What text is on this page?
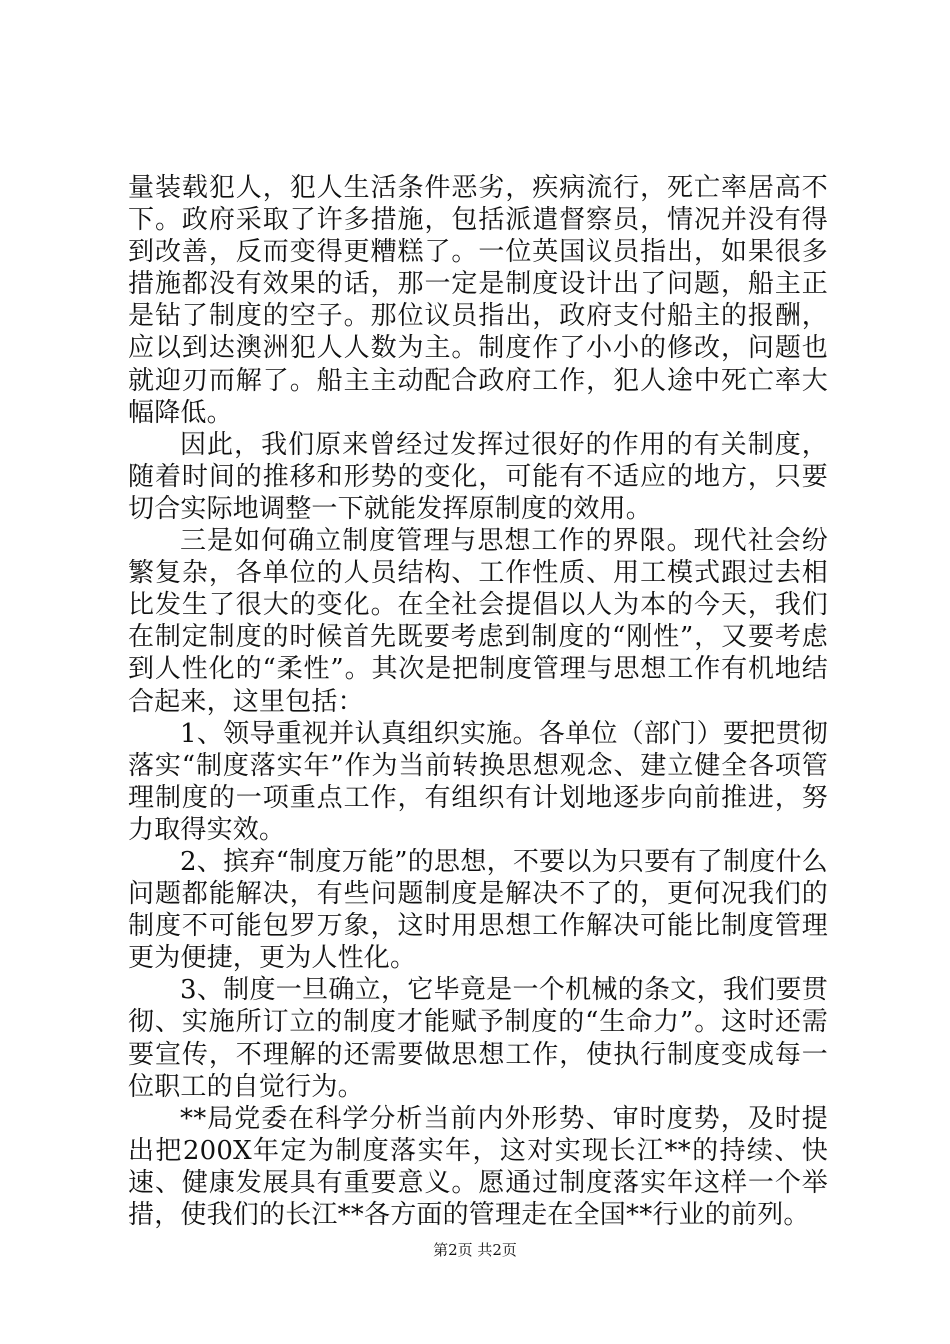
量装载犯人，犯人生活条件恶劣，疾病流行，死亡率居高不下。政府采取了许多措施，包括派遣督察员，情况并没有得到改善，反而变得更糟糕了。一位英国议员指出，如果很多措施都没有效果的话，那一定是制度设计出了问题，船主正是钻了制度的空子。那位议员指出，政府支付船主的报酬，应以到达澳洲犯人人数为主。制度作了小小的修改，问题也就迎刃而解了。船主主动配合政府工作，犯人途中死亡率大幅降低。

因此，我们原来曾经过发挥过很好的作用的有关制度，随着时间的推移和形势的变化，可能有不适应的地方，只要切合实际地调整一下就能发挥原制度的效用。

三是如何确立制度管理与思想工作的界限。现代社会纷繁复杂，各单位的人员结构、工作性质、用工模式跟过去相比发生了很大的变化。在全社会提倡以人为本的今天，我们在制定制度的时候首先既要考虑到制度的“刚性”，又要考虑到人性化的“柔性”。其次是把制度管理与思想工作有机地结合起来，这里包括：

1、领导重视并认真组织实施。各单位（部门）要把贯彻落实“制度落实年”作为当前转换思想观念、建立健全各项管理制度的一项重点工作，有组织有计划地逐步向前推进，努力取得实效。

2、摈弃“制度万能”的思想，不要以为只要有了制度什么问题都能解决，有些问题制度是解决不了的，更何况我们的制度不可能包罗万象，这时用思想工作解决可能比制度管理更为便捷，更为人性化。

3、制度一旦确立，它毕竟是一个机械的条文，我们要贯彻、实施所订立的制度才能赋予制度的“生命力”。这时还需要宣传，不理解的还需要做思想工作，使执行制度变成每一位职工的自觉行为。

**局党委在科学分析当前内外形势、审时度势，及时提出把200X年定为制度落实年，这对实现长江**的持续、快速、健康发展具有重要意义。愿通过制度落实年这样一个举措，使我们的长江**各方面的管理走在全国**行业的前列。

第2页 共2页
